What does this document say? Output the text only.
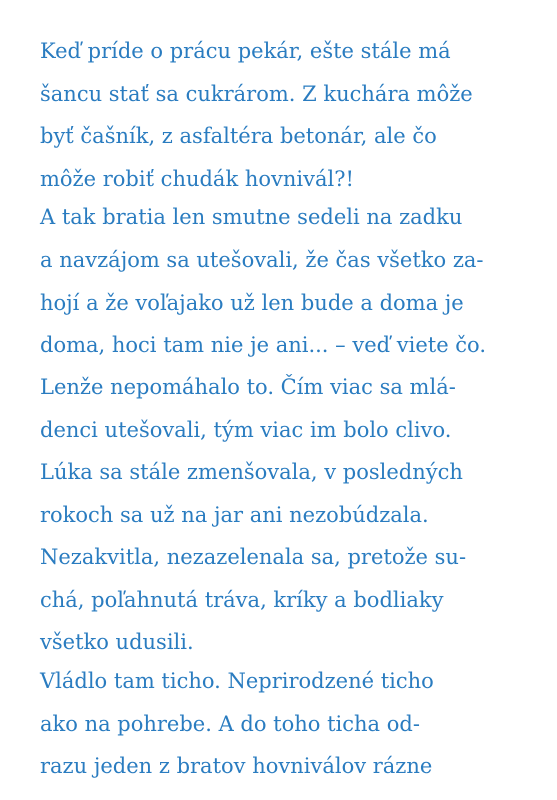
Keď príde o prácu pekár, ešte stále má
šancu stať sa cukrárom. Z kuchára môže
byť čašník, z asfaltéra betonár, ale čo
môže robiť chudák hovnivál?!
A tak bratia len smutne sedeli na zadku
a navzájom sa utešovali, že čas všetko za-
hojí a že voľajako už len bude a doma je
doma, hoci tam nie je ani... – veď viete čo.
Lenže nepomáhalo to. Čím viac sa mlá-
denci utešovali, tým viac im bolo clivo.
Lúka sa stále zmenšovala, v posledných
rokoch sa už na jar ani nezobúdzala.
Nezakvitla, nezazelenala sa, pretože su-
chá, poľahnutá tráva, kríky a bodliaky
všetko udusili.
Vládlo tam ticho. Neprirodzené ticho
ako na pohrebe. A do toho ticha od-
razu jeden z bratov hovniválov rázne
